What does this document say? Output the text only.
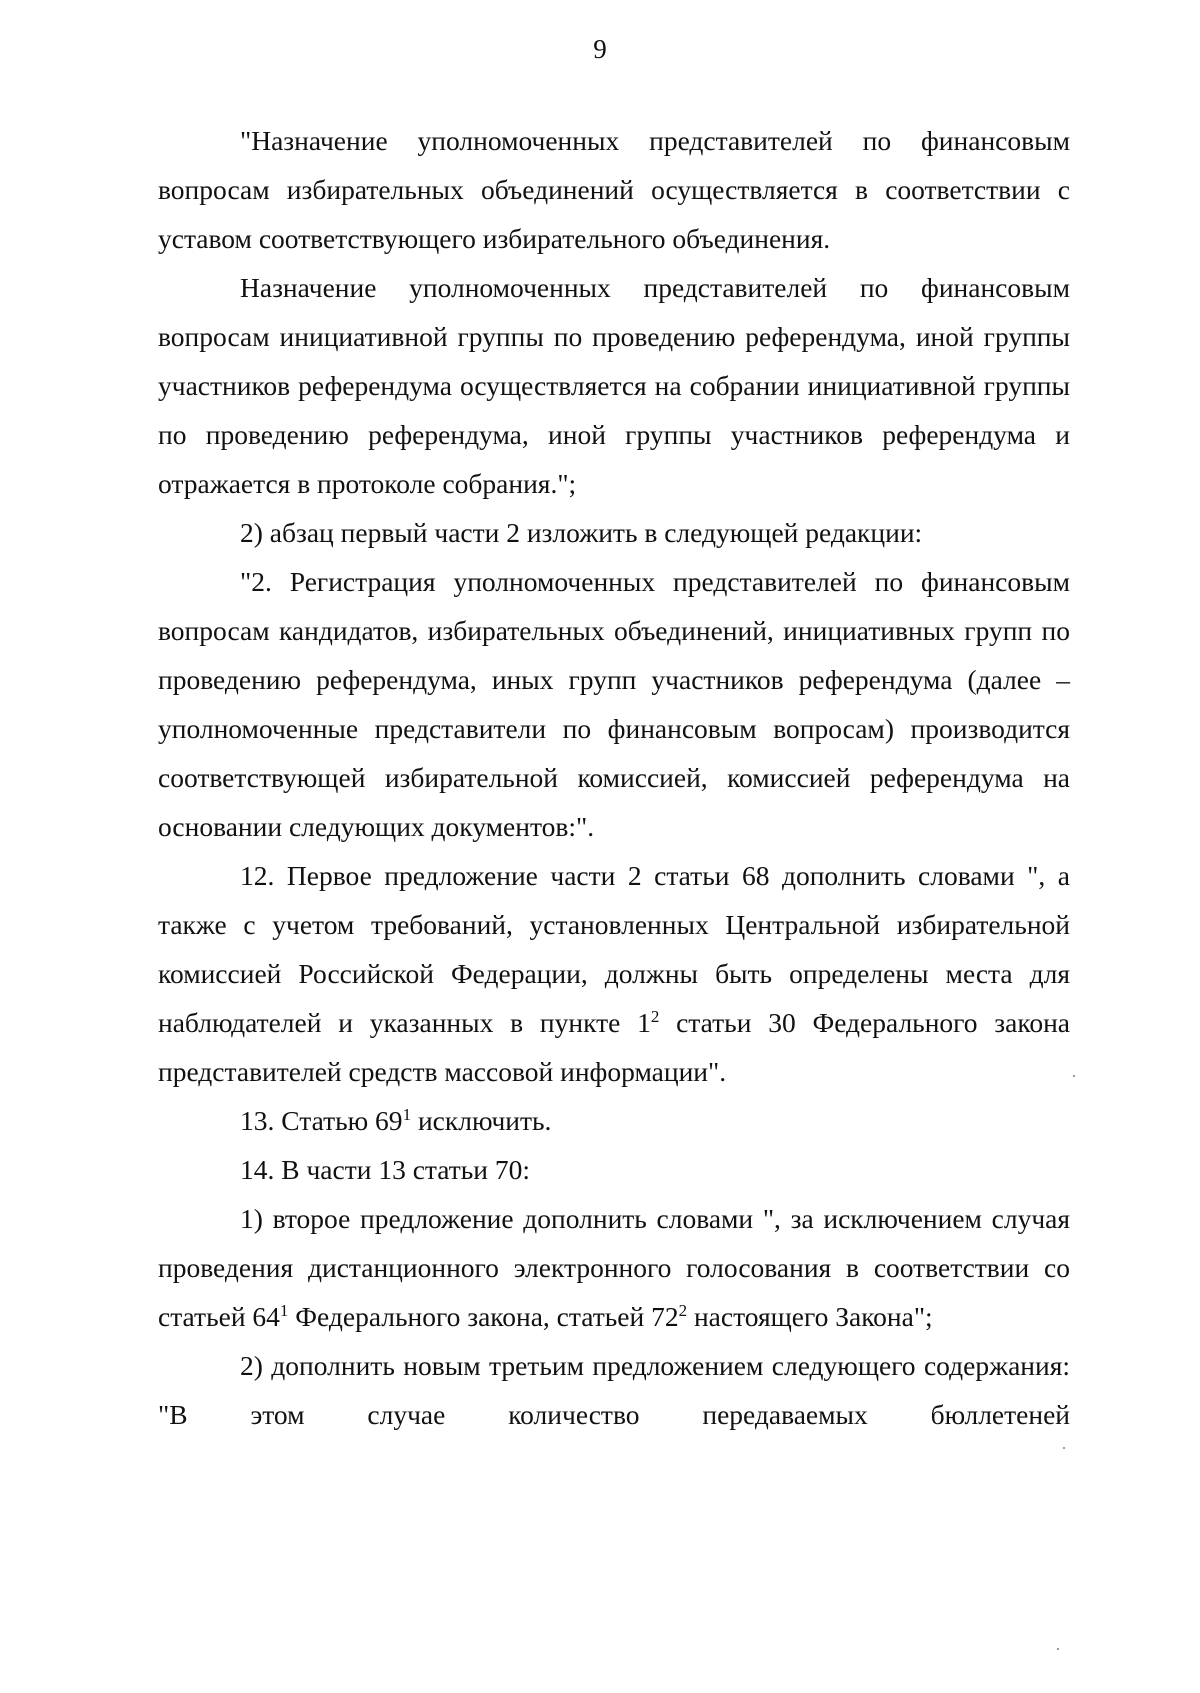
9

"Назначение уполномоченных представителей по финансовым вопросам избирательных объединений осуществляется в соответствии с уставом соответствующего избирательного объединения.

Назначение уполномоченных представителей по финансовым вопросам инициативной группы по проведению референдума, иной группы участников референдума осуществляется на собрании инициативной группы по проведению референдума, иной группы участников референдума и отражается в протоколе собрания.";

2) абзац первый части 2 изложить в следующей редакции:

"2. Регистрация уполномоченных представителей по финансовым вопросам кандидатов, избирательных объединений, инициативных групп по проведению референдума, иных групп участников референдума (далее – уполномоченные представители по финансовым вопросам) производится соответствующей избирательной комиссией, комиссией референдума на основании следующих документов:".

12. Первое предложение части 2 статьи 68 дополнить словами ", а также с учетом требований, установленных Центральной избирательной комиссией Российской Федерации, должны быть определены места для наблюдателей и указанных в пункте $1^2$ статьи 30 Федерального закона представителей средств массовой информации".

13. Статью $69^1$ исключить.

14. В части 13 статьи 70:

1) второе предложение дополнить словами ", за исключением случая проведения дистанционного электронного голосования в соответствии со статьей $64^1$ Федерального закона, статьей $72^2$ настоящего Закона";

2) дополнить новым третьим предложением следующего содержания: "В этом случае количество передаваемых бюллетеней
